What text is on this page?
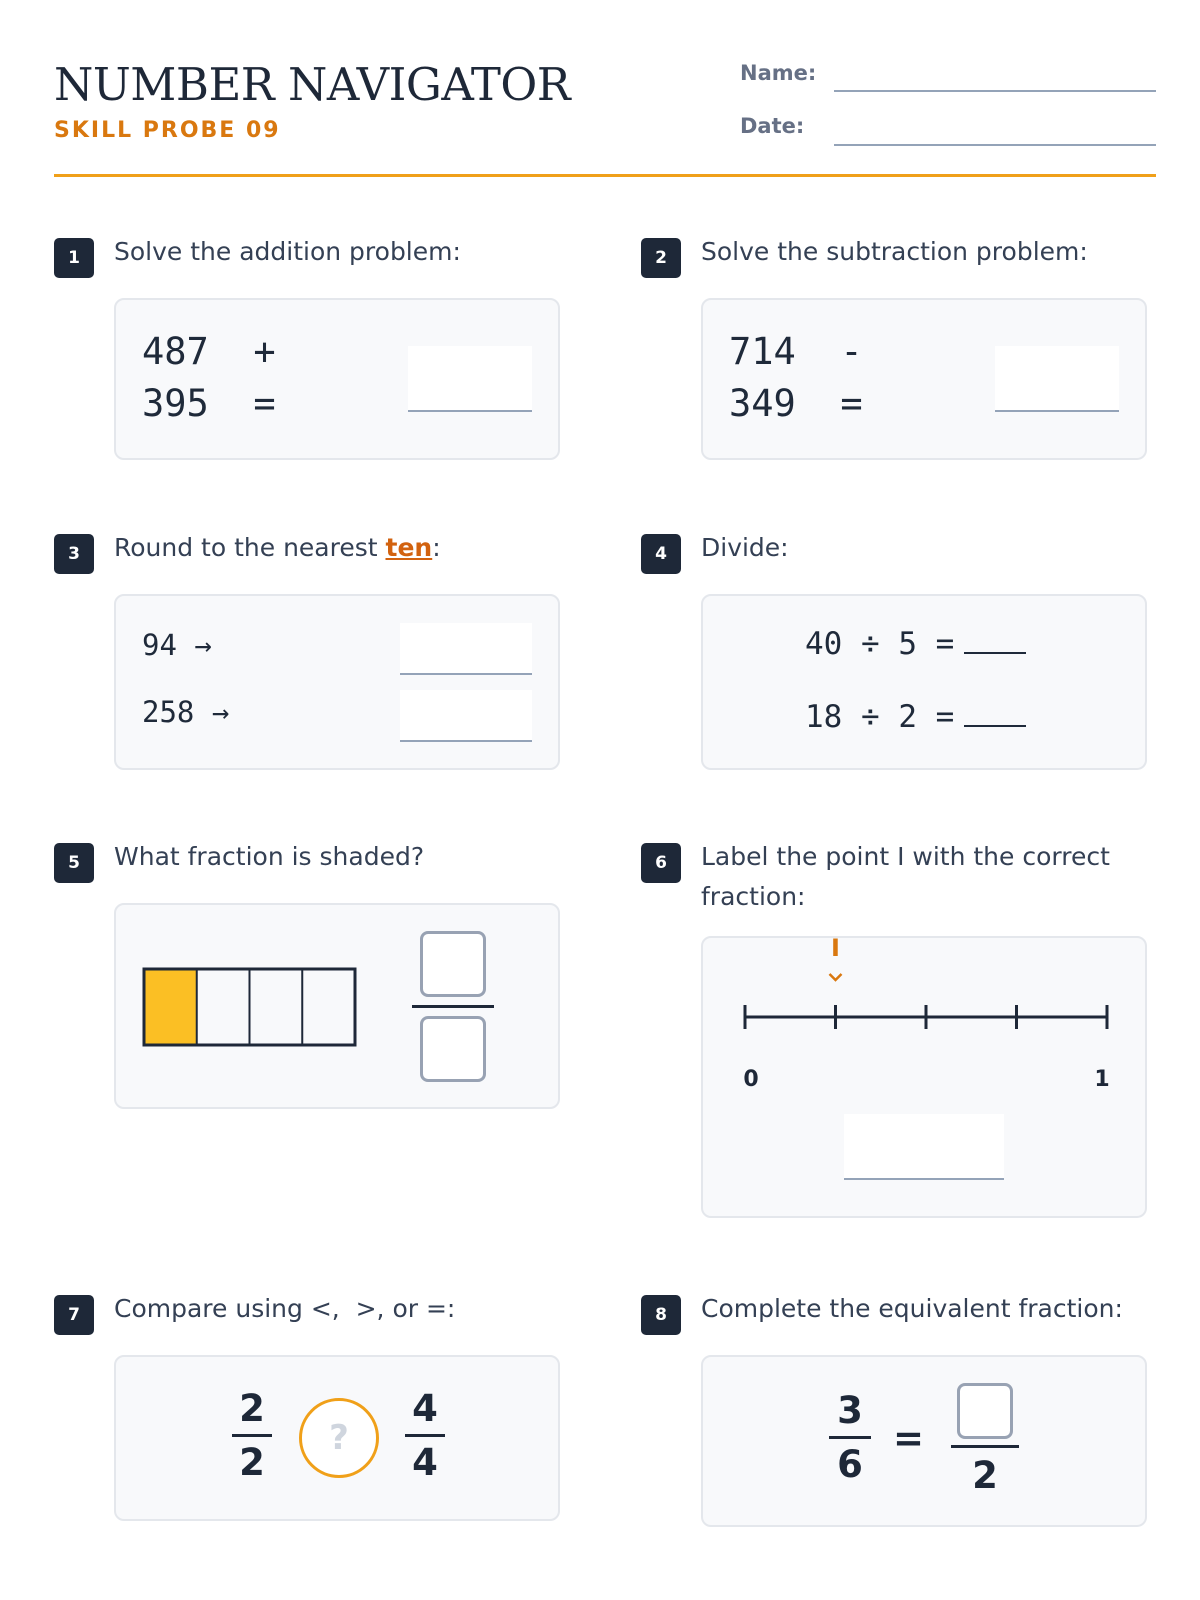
NUMBER NAVIGATOR
SKILL PROBE 09
Name:
Date:
1	Solve the addition problem:
487  +
395  =
2	Solve the subtraction problem:
714  -
349  =
3	Round to the nearest ten:
94 →
258 →
4	Divide:
40 ÷ 5 =
18 ÷ 2 =
5	What fraction is shaded?	6	Label the point I with the correct fraction:
I
0	1
7	Compare using <,  >, or =:
2
2
?
4
4
8	Complete the equivalent fraction:
3
6
=
2
